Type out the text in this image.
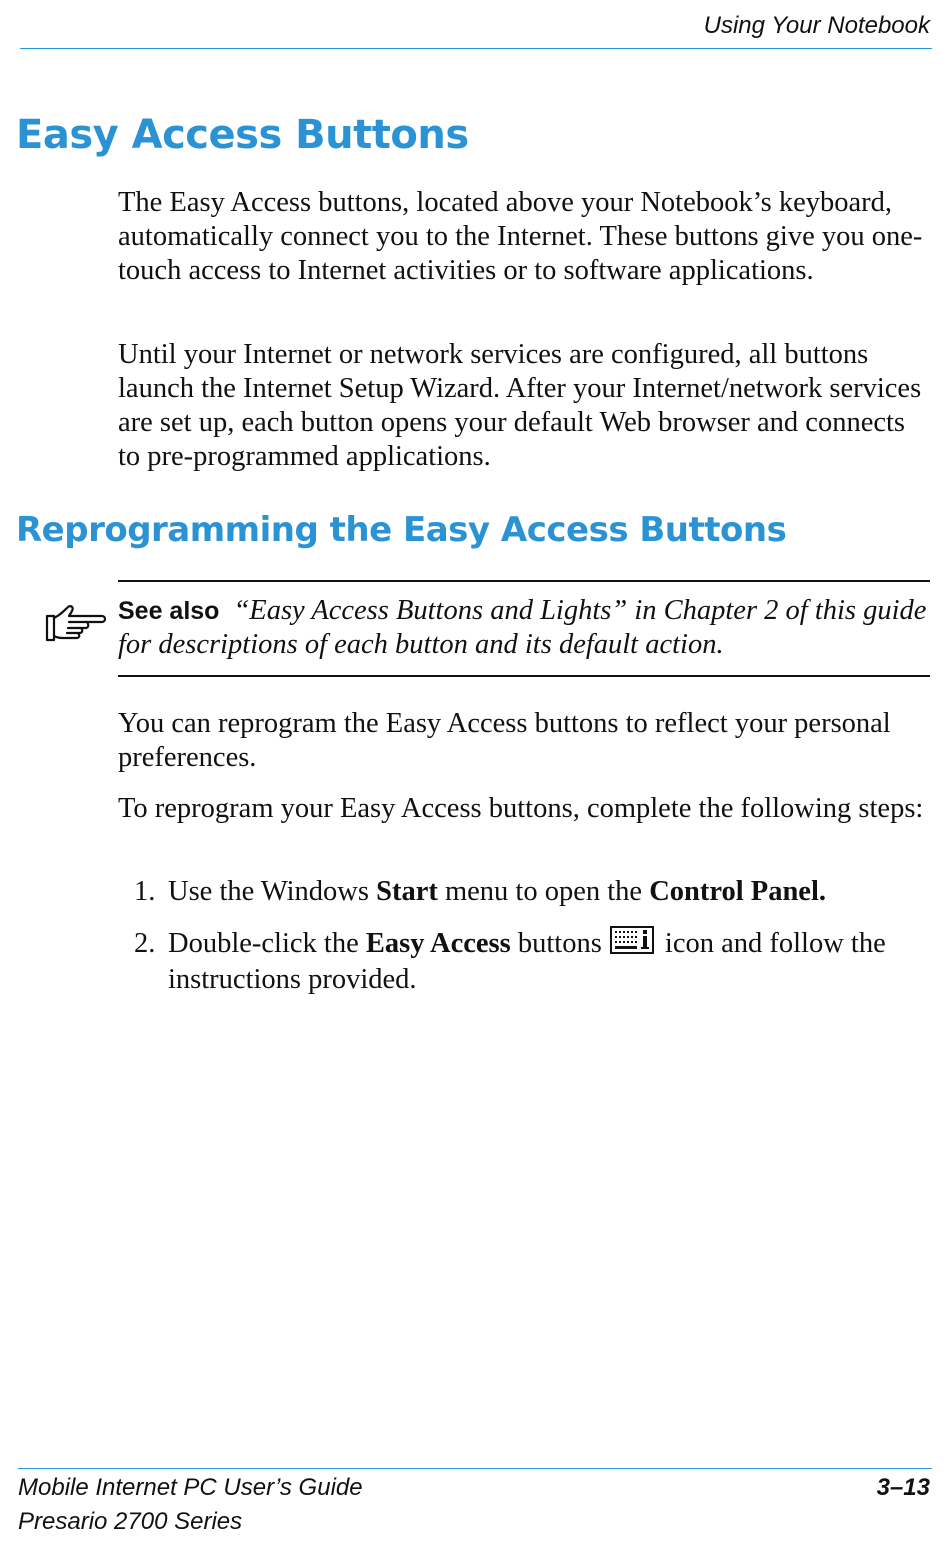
Using Your Notebook
Easy Access Buttons

The Easy Access buttons, located above your Notebook’s keyboard, automatically connect you to the Internet. These buttons give you one-touch access to Internet activities or to software applications.

Until your Internet or network services are configured, all buttons launch the Internet Setup Wizard. After your Internet/network services are set up, each button opens your default Web browser and connects to pre-programmed applications.

Reprogramming the Easy Access Buttons

See also “Easy Access Buttons and Lights” in Chapter 2 of this guide for descriptions of each button and its default action.

You can reprogram the Easy Access buttons to reflect your personal preferences.

To reprogram your Easy Access buttons, complete the following steps:

1. Use the Windows Start menu to open the Control Panel.
2. Double-click the Easy Access buttons icon and follow the instructions provided.
Mobile Internet PC User’s Guide
Presario 2700 Series
3–13
